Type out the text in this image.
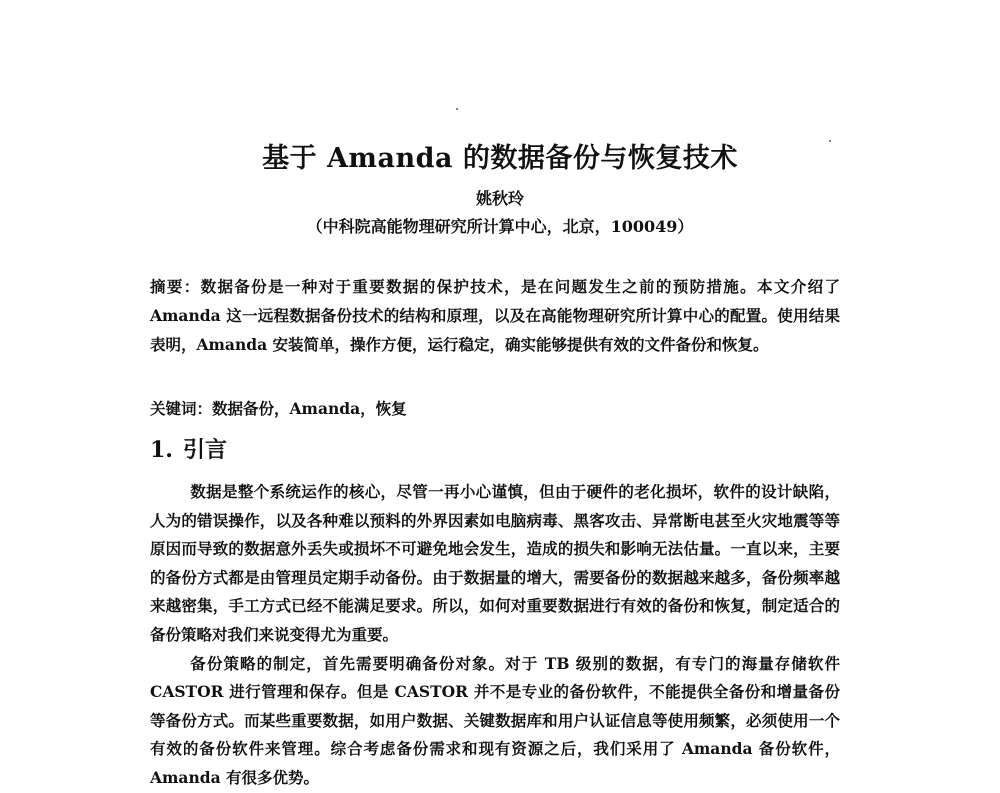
基于 Amanda 的数据备份与恢复技术
姚秋玲
（中科院高能物理研究所计算中心，北京，100049）
摘要：数据备份是一种对于重要数据的保护技术，是在问题发生之前的预防措施。本文介绍了 Amanda 这一远程数据备份技术的结构和原理，以及在高能物理研究所计算中心的配置。使用结果表明，Amanda 安装简单，操作方便，运行稳定，确实能够提供有效的文件备份和恢复。
关键词：数据备份，Amanda，恢复
1. 引言

数据是整个系统运作的核心，尽管一再小心谨慎，但由于硬件的老化损坏，软件的设计缺陷，人为的错误操作，以及各种难以预料的外界因素如电脑病毒、黑客攻击、异常断电甚至火灾地震等等原因而导致的数据意外丢失或损坏不可避免地会发生，造成的损失和影响无法估量。一直以来，主要的备份方式都是由管理员定期手动备份。由于数据量的增大，需要备份的数据越来越多，备份频率越来越密集，手工方式已经不能满足要求。所以，如何对重要数据进行有效的备份和恢复，制定适合的备份策略对我们来说变得尤为重要。

备份策略的制定，首先需要明确备份对象。对于 TB 级别的数据，有专门的海量存储软件 CASTOR 进行管理和保存。但是 CASTOR 并不是专业的备份软件，不能提供全备份和增量备份等备份方式。而某些重要数据，如用户数据、关键数据库和用户认证信息等使用频繁，必须使用一个有效的备份软件来管理。综合考虑备份需求和现有资源之后，我们采用了 Amanda 备份软件，Amanda 有很多优势。
